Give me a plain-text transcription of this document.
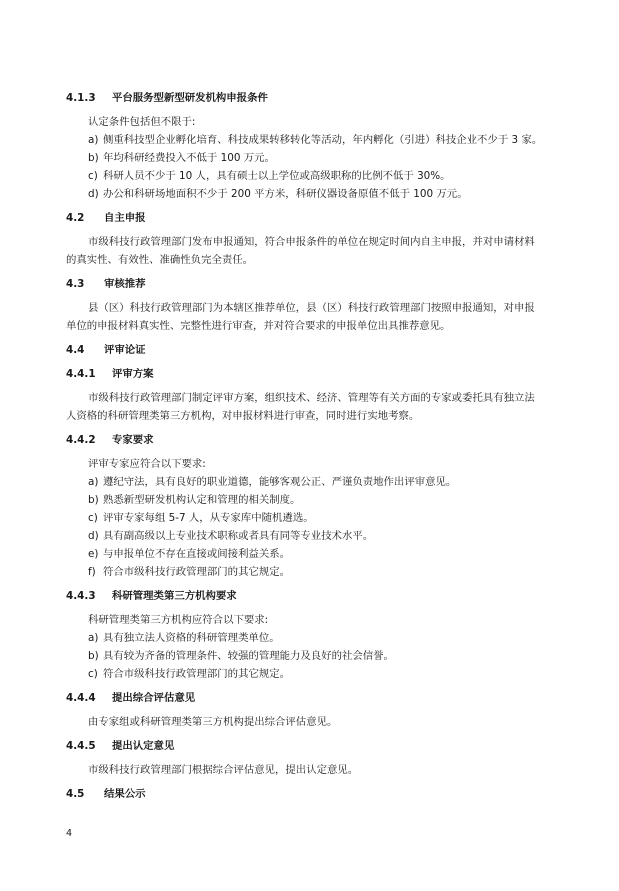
4.1.3 平台服务型新型研发机构申报条件
认定条件包括但不限于:
a) 侧重科技型企业孵化培育、科技成果转移转化等活动，年内孵化（引进）科技企业不少于 3 家。
b) 年均科研经费投入不低于 100 万元。
c) 科研人员不少于 10 人，具有硕士以上学位或高级职称的比例不低于 30%。
d) 办公和科研场地面积不少于 200 平方米，科研仪器设备原值不低于 100 万元。
4.2 自主申报
市级科技行政管理部门发布申报通知，符合申报条件的单位在规定时间内自主申报，并对申请材料
的真实性、有效性、准确性负完全责任。
4.3 审核推荐
县（区）科技行政管理部门为本辖区推荐单位，县（区）科技行政管理部门按照申报通知，对申报
单位的申报材料真实性、完整性进行审查，并对符合要求的申报单位出具推荐意见。
4.4 评审论证
4.4.1 评审方案
市级科技行政管理部门制定评审方案，组织技术、经济、管理等有关方面的专家或委托具有独立法
人资格的科研管理类第三方机构，对申报材料进行审查，同时进行实地考察。
4.4.2 专家要求
评审专家应符合以下要求:
a) 遵纪守法，具有良好的职业道德，能够客观公正、严谨负责地作出评审意见。
b) 熟悉新型研发机构认定和管理的相关制度。
c) 评审专家每组 5-7 人，从专家库中随机遴选。
d) 具有副高级以上专业技术职称或者具有同等专业技术水平。
e) 与申报单位不存在直接或间接利益关系。
f) 符合市级科技行政管理部门的其它规定。
4.4.3 科研管理类第三方机构要求
科研管理类第三方机构应符合以下要求:
a) 具有独立法人资格的科研管理类单位。
b) 具有较为齐备的管理条件、较强的管理能力及良好的社会信誉。
c) 符合市级科技行政管理部门的其它规定。
4.4.4 提出综合评估意见
由专家组或科研管理类第三方机构提出综合评估意见。
4.4.5 提出认定意见
市级科技行政管理部门根据综合评估意见，提出认定意见。
4.5 结果公示
4
